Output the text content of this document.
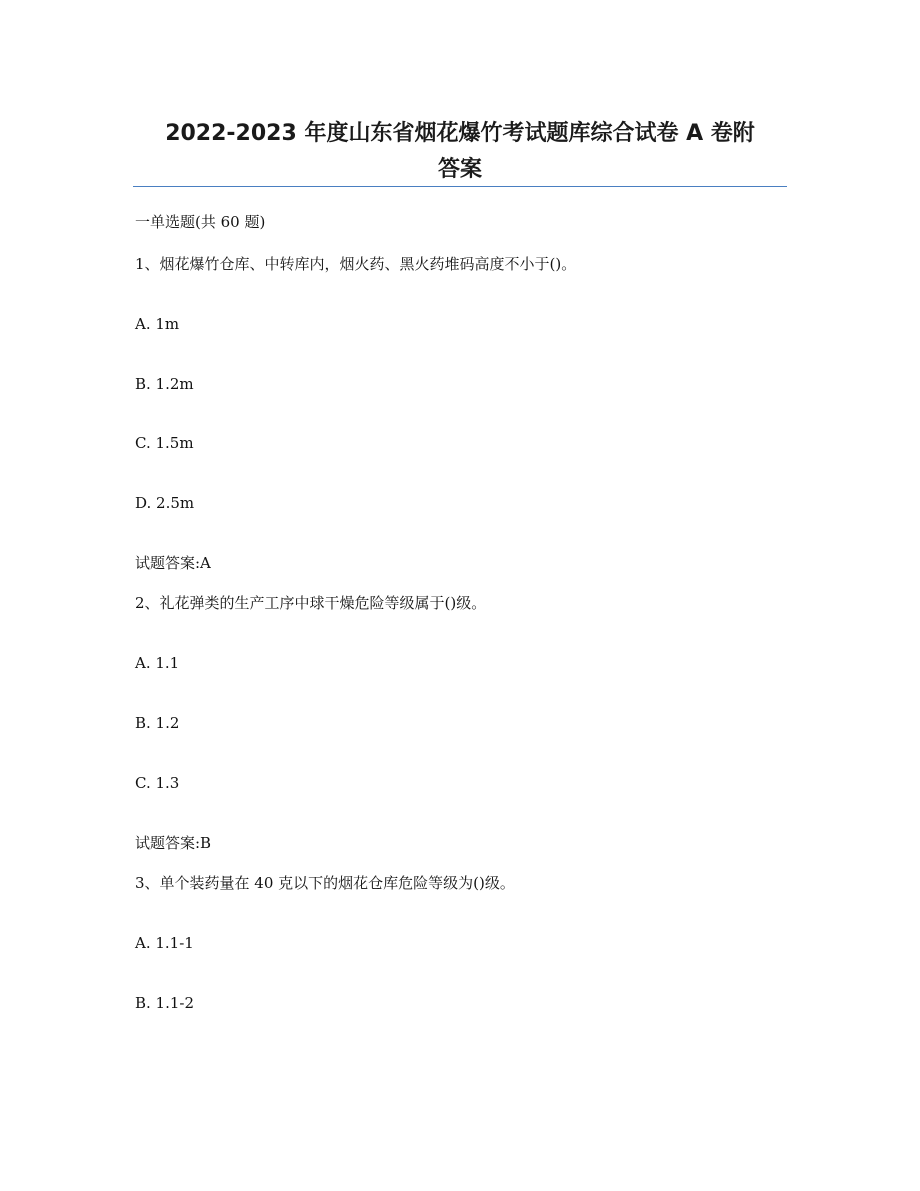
2022-2023 年度山东省烟花爆竹考试题库综合试卷 A 卷附
答案
一单选题(共 60 题)
1、烟花爆竹仓库、中转库内，烟火药、黑火药堆码高度不小于()。
A. 1m
B. 1.2m
C. 1.5m
D. 2.5m
试题答案:A
2、礼花弹类的生产工序中球干燥危险等级属于()级。
A. 1.1
B. 1.2
C. 1.3
试题答案:B
3、单个装药量在 40 克以下的烟花仓库危险等级为()级。
A. 1.1-1
B. 1.1-2
